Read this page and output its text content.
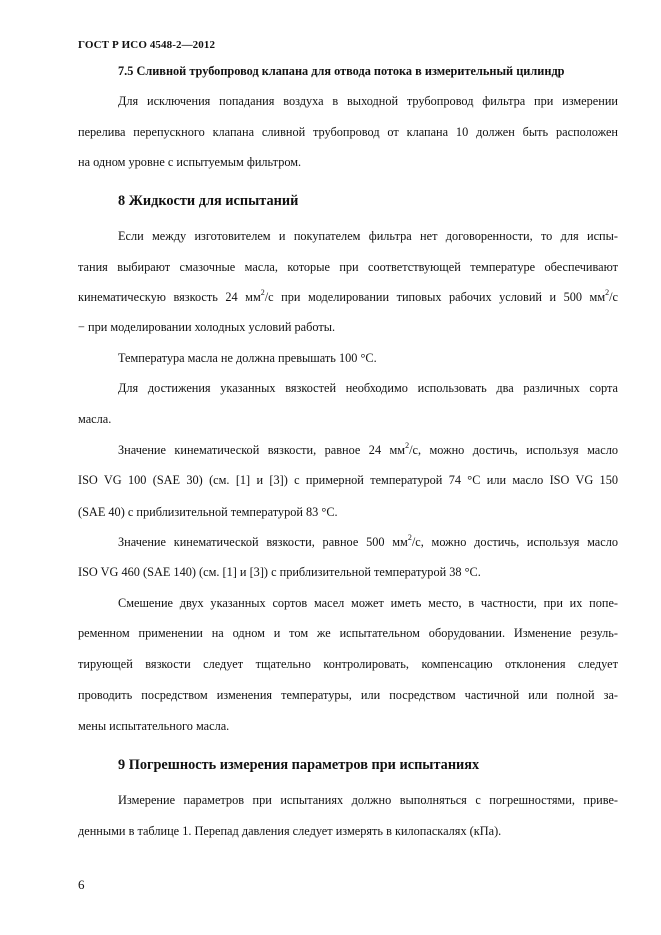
ГОСТ Р ИСО 4548-2—2012
7.5 Сливной трубопровод клапана для отвода потока в измерительный цилиндр
Для исключения попадания воздуха в выходной трубопровод фильтра при измерении
перелива перепускного клапана сливной трубопровод от клапана 10 должен быть расположен
на одном уровне с испытуемым фильтром.
8 Жидкости для испытаний
Если между изготовителем и покупателем фильтра нет договоренности, то для испы-
тания выбирают смазочные масла, которые при соответствующей температуре обеспечивают
кинематическую вязкость 24 $мм^2/с$ при моделировании типовых рабочих условий и 500 $мм^2/с$
− при моделировании холодных условий работы.
Температура масла не должна превышать 100 °С.
Для достижения указанных вязкостей необходимо использовать два различных сорта
масла.
Значение кинематической вязкости, равное 24 $мм^2/с$, можно достичь, используя масло
ISO VG 100 (SAE 30) (см. [1] и [3]) с примерной температурой 74 °С или масло ISO VG 150
(SAE 40) с приблизительной температурой 83 °С.
Значение кинематической вязкости, равное 500 $мм^2/с$, можно достичь, используя масло
ISO VG 460 (SAE 140) (см. [1] и [3]) с приблизительной температурой 38 °С.
Смешение двух указанных сортов масел может иметь место, в частности, при их попе-
ременном применении на одном и том же испытательном оборудовании. Изменение резуль-
тирующей вязкости следует тщательно контролировать, компенсацию отклонения следует
проводить посредством изменения температуры, или посредством частичной или полной за-
мены испытательного масла.
9 Погрешность измерения параметров при испытаниях
Измерение параметров при испытаниях должно выполняться с погрешностями, приве-
денными в таблице 1. Перепад давления следует измерять в килопаскалях (кПа).
6
